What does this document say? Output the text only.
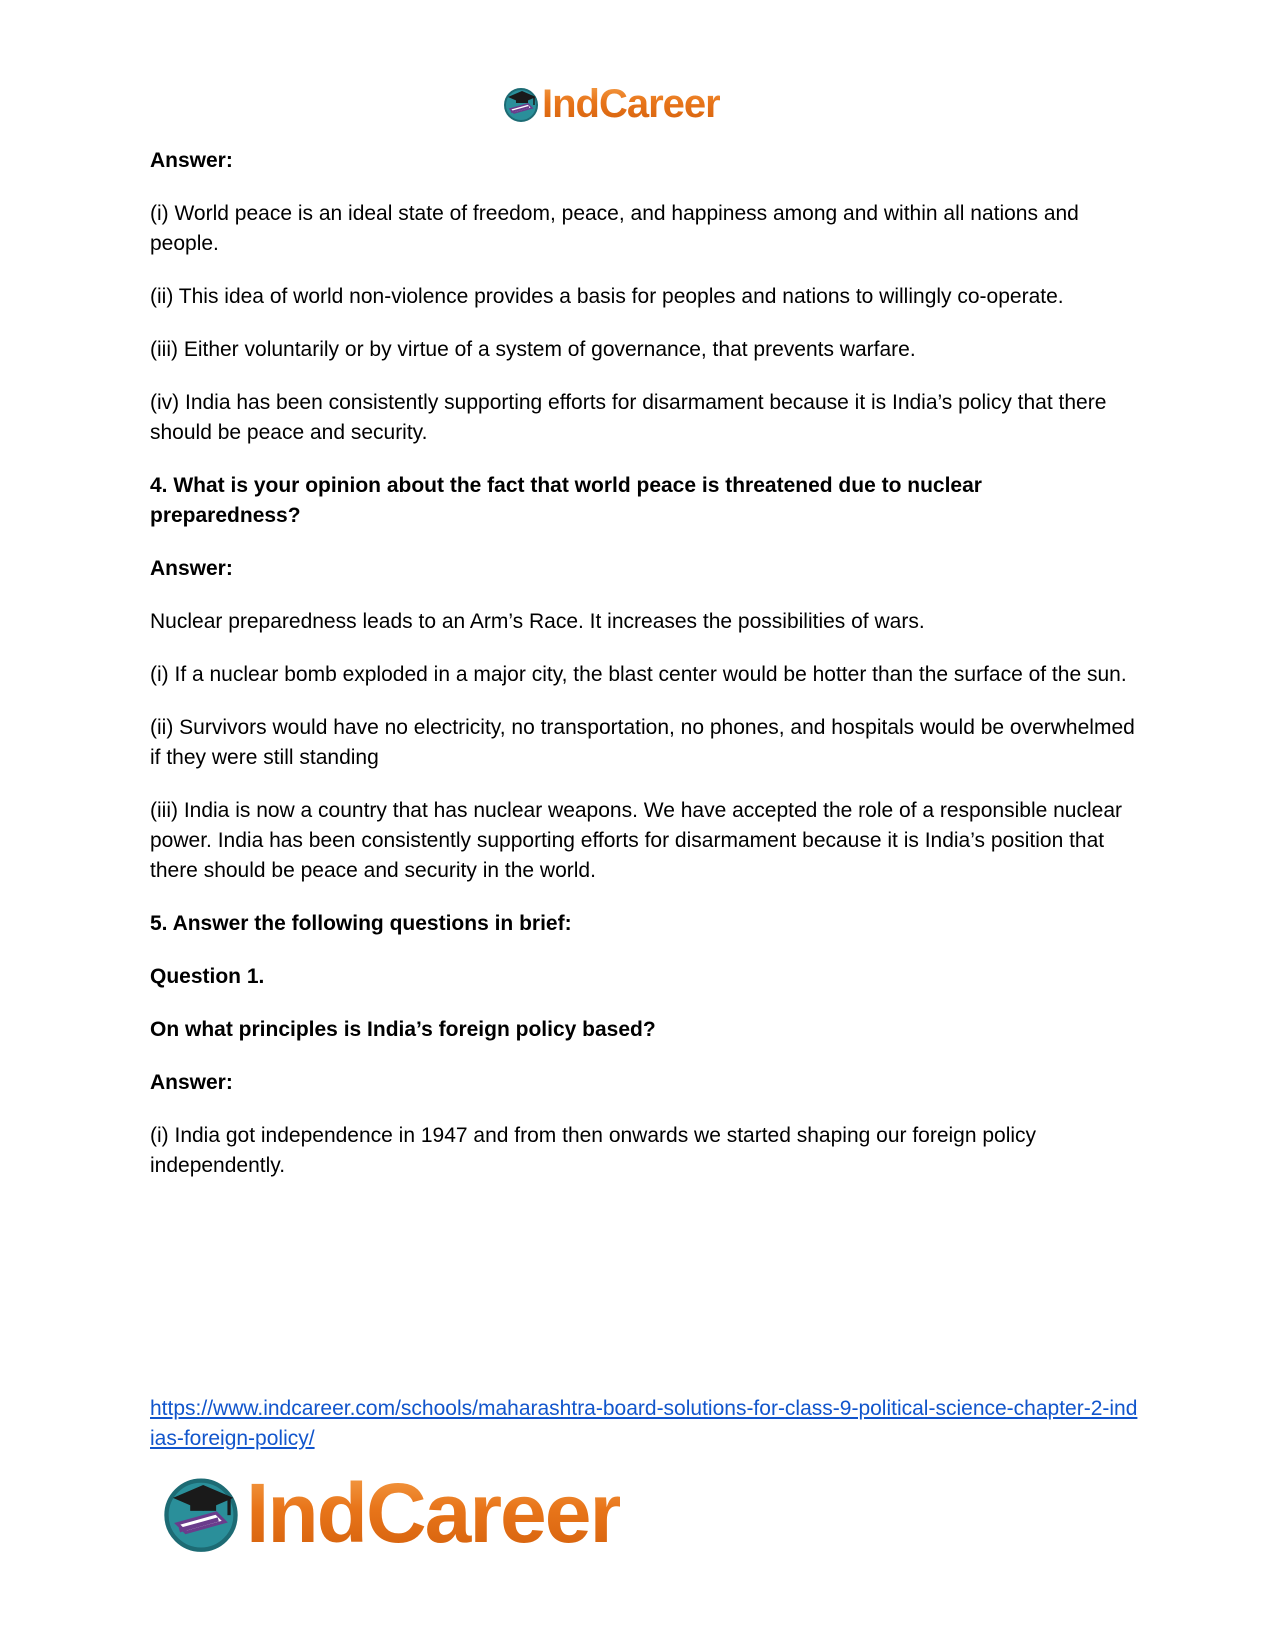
IndCareer

Answer:

(i) World peace is an ideal state of freedom, peace, and happiness among and within all nations and people.

(ii) This idea of world non-violence provides a basis for peoples and nations to willingly co-operate.

(iii) Either voluntarily or by virtue of a system of governance, that prevents warfare.

(iv) India has been consistently supporting efforts for disarmament because it is India’s policy that there should be peace and security.

4. What is your opinion about the fact that world peace is threatened due to nuclear preparedness?

Answer:

Nuclear preparedness leads to an Arm’s Race. It increases the possibilities of wars.

(i) If a nuclear bomb exploded in a major city, the blast center would be hotter than the surface of the sun.

(ii) Survivors would have no electricity, no transportation, no phones, and hospitals would be overwhelmed if they were still standing

(iii) India is now a country that has nuclear weapons. We have accepted the role of a responsible nuclear power. India has been consistently supporting efforts for disarmament because it is India’s position that there should be peace and security in the world.

5. Answer the following questions in brief:

Question 1.

On what principles is India’s foreign policy based?

Answer:

(i) India got independence in 1947 and from then onwards we started shaping our foreign policy independently.

https://www.indcareer.com/schools/maharashtra-board-solutions-for-class-9-political-science-chapter-2-indias-foreign-policy/
IndCareer
